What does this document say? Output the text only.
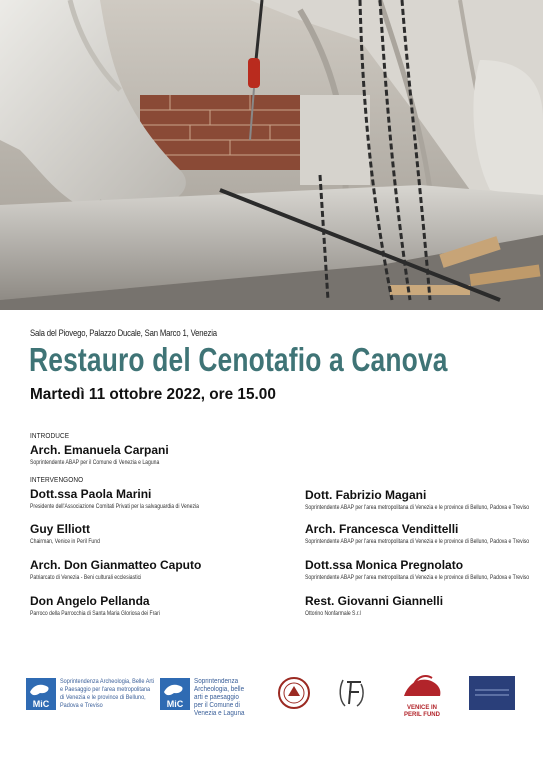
Sala del Piovego, Palazzo Ducale, San Marco 1, Venezia
Restauro del Cenotafio a Canova
Martedì 11 ottobre 2022, ore 15.00
INTRODUCE
Arch. Emanuela Carpani
Soprintendente ABAP per il Comune di Venezia e Laguna
INTERVENGONO
Dott.ssa Paola Marini
Presidente dell'Associazione Comitati Privati per la salvaguardia di Venezia
Guy Elliott
Chairman, Venice in Peril Fund
Arch. Don Gianmatteo Caputo
Patriarcato di Venezia - Beni culturali ecclesiastici
Don Angelo Pellanda
Parroco della Parrocchia di Santa Maria Gloriosa dei Frari
Dott. Fabrizio Magani
Soprintendente ABAP per l'area metropolitana di Venezia e le province di Belluno, Padova e Treviso
Arch. Francesca Vendittelli
Soprintendente ABAP per l'area metropolitana di Venezia e le province di Belluno, Padova e Treviso
Dott.ssa Monica Pregnolato
Soprintendente ABAP per l'area metropolitana di Venezia e le province di Belluno, Padova e Treviso
Rest. Giovanni Giannelli
Ottorino Nonfarmale S.r.l
MiC
Soprintendenza Archeologia, Belle Arti
e Paesaggio per l'area metropolitana
di Venezia e le province di Belluno,
Padova e Treviso	MiC
Soprintendenza
Archeologia, belle
arti e paesaggio
per il Comune di
Venezia e Laguna
VENICE IN
PERIL FUND
